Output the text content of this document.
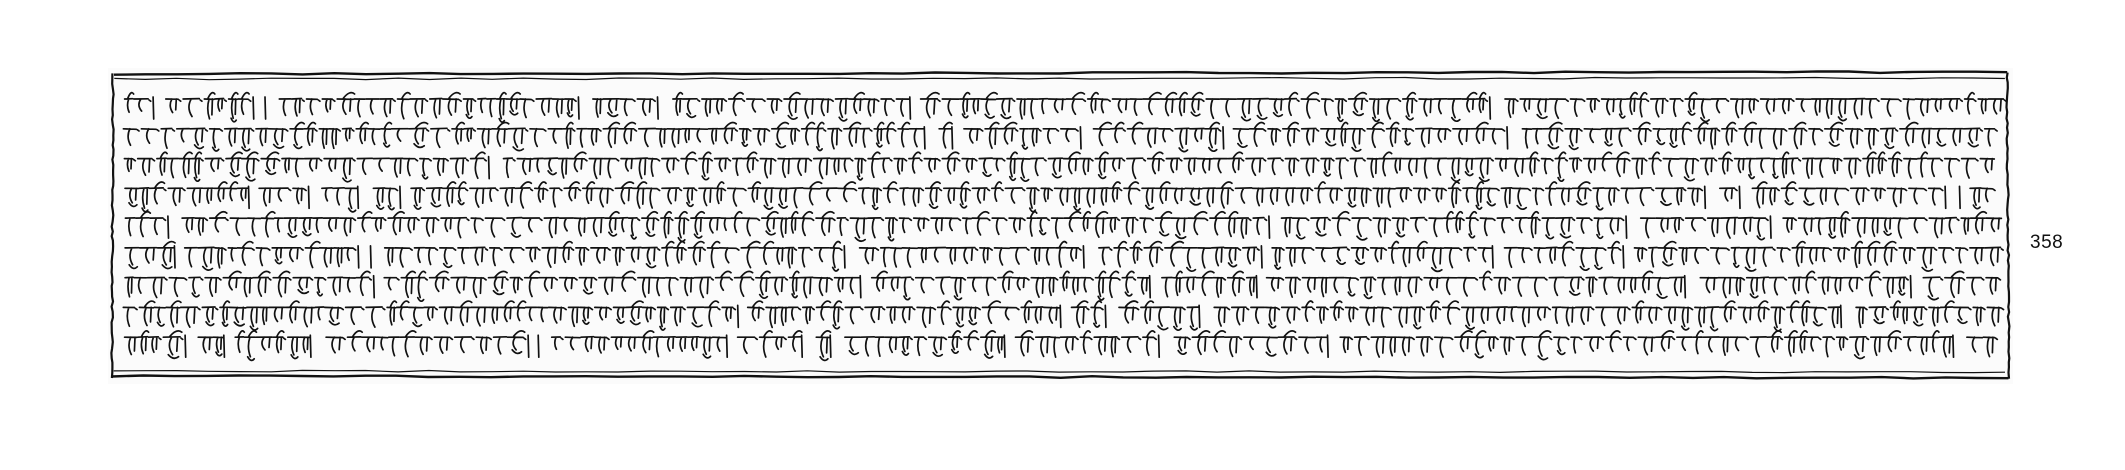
358
